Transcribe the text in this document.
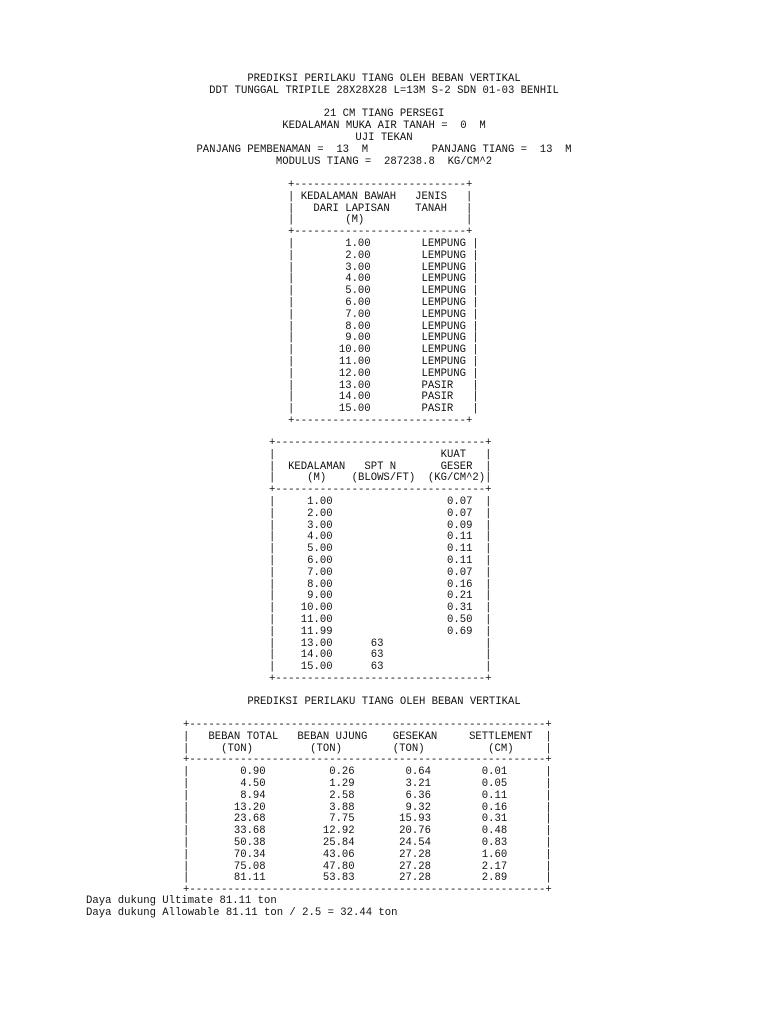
PREDIKSI PERILAKU TIANG OLEH BEBAN VERTIKAL
DDT TUNGGAL TRIPILE 28X28X28 L=13M S-2 SDN 01-03 BENHIL
21 CM TIANG PERSEGI
KEDALAMAN MUKA AIR TANAH =  0  M
UJI TEKAN
PANJANG PEMBENAMAN =  13  M          PANJANG TIANG =  13  M
MODULUS TIANG =  287238.8  KG/CM^2
+---------------------------+
| KEDALAMAN BAWAH   JENIS   |
|   DARI LAPISAN    TANAH   |
|        (M)                |
+---------------------------+
|        1.00        LEMPUNG |
|        2.00        LEMPUNG |
|        3.00        LEMPUNG |
|        4.00        LEMPUNG |
|        5.00        LEMPUNG |
|        6.00        LEMPUNG |
|        7.00        LEMPUNG |
|        8.00        LEMPUNG |
|        9.00        LEMPUNG |
|       10.00        LEMPUNG |
|       11.00        LEMPUNG |
|       12.00        LEMPUNG |
|       13.00        PASIR   |
|       14.00        PASIR   |
|       15.00        PASIR   |
+---------------------------+
+---------------------------------+
|                          KUAT   |
|  KEDALAMAN   SPT N       GESER  |
|     (M)    (BLOWS/FT)  (KG/CM^2)|
+---------------------------------+
|     1.00                  0.07  |
|     2.00                  0.07  |
|     3.00                  0.09  |
|     4.00                  0.11  |
|     5.00                  0.11  |
|     6.00                  0.11  |
|     7.00                  0.07  |
|     8.00                  0.16  |
|     9.00                  0.21  |
|    10.00                  0.31  |
|    11.00                  0.50  |
|    11.99                  0.69  |
|    13.00      63                |
|    14.00      63                |
|    15.00      63                |
+---------------------------------+
PREDIKSI PERILAKU TIANG OLEH BEBAN VERTIKAL
+--------------------------------------------------------+
|   BEBAN TOTAL   BEBAN UJUNG    GESEKAN     SETTLEMENT  |
|     (TON)         (TON)        (TON)          (CM)     |
+--------------------------------------------------------+
|        0.90          0.26        0.64        0.01      |
|        4.50          1.29        3.21        0.05      |
|        8.94          2.58        6.36        0.11      |
|       13.20          3.88        9.32        0.16      |
|       23.68          7.75       15.93        0.31      |
|       33.68         12.92       20.76        0.48      |
|       50.38         25.84       24.54        0.83      |
|       70.34         43.06       27.28        1.60      |
|       75.08         47.80       27.28        2.17      |
|       81.11         53.83       27.28        2.89      |
+--------------------------------------------------------+
Daya dukung Ultimate 81.11 ton
Daya dukung Allowable 81.11 ton / 2.5 = 32.44 ton
